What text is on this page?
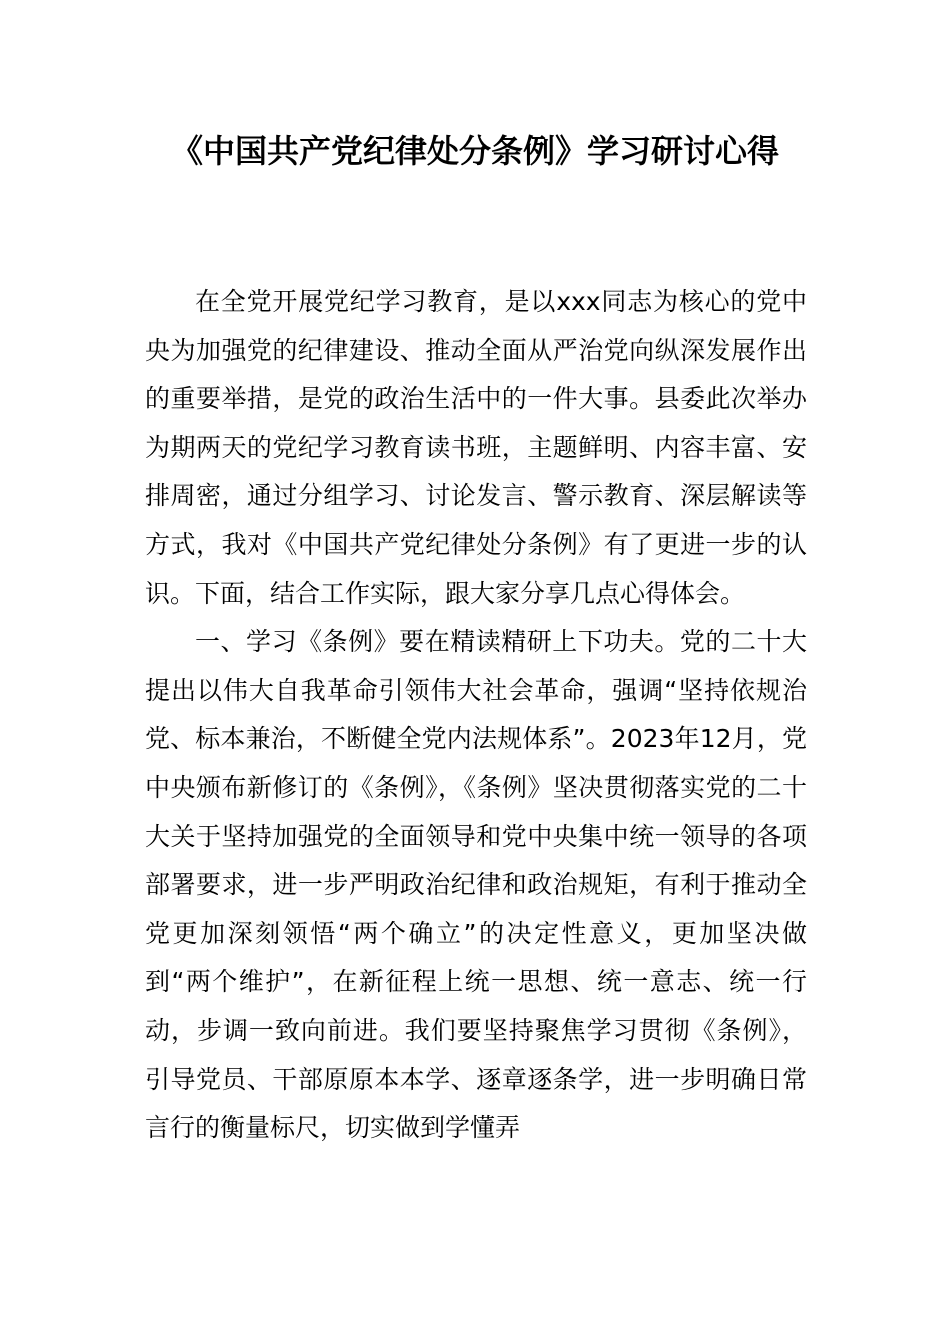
《中国共产党纪律处分条例》学习研讨心得

在全党开展党纪学习教育，是以xxx同志为核心的党中央为加强党的纪律建设、推动全面从严治党向纵深发展作出的重要举措，是党的政治生活中的一件大事。县委此次举办为期两天的党纪学习教育读书班，主题鲜明、内容丰富、安排周密，通过分组学习、讨论发言、警示教育、深层解读等方式，我对《中国共产党纪律处分条例》有了更进一步的认识。下面，结合工作实际，跟大家分享几点心得体会。

一、学习《条例》要在精读精研上下功夫。党的二十大提出以伟大自我革命引领伟大社会革命，强调“坚持依规治党、标本兼治，不断健全党内法规体系”。2023年12月，党中央颁布新修订的《条例》，《条例》坚决贯彻落实党的二十大关于坚持加强党的全面领导和党中央集中统一领导的各项部署要求，进一步严明政治纪律和政治规矩，有利于推动全党更加深刻领悟“两个确立”的决定性意义，更加坚决做到“两个维护”，在新征程上统一思想、统一意志、统一行动，步调一致向前进。我们要坚持聚焦学习贯彻《条例》，引导党员、干部原原本本学、逐章逐条学，进一步明确日常言行的衡量标尺，切实做到学懂弄
